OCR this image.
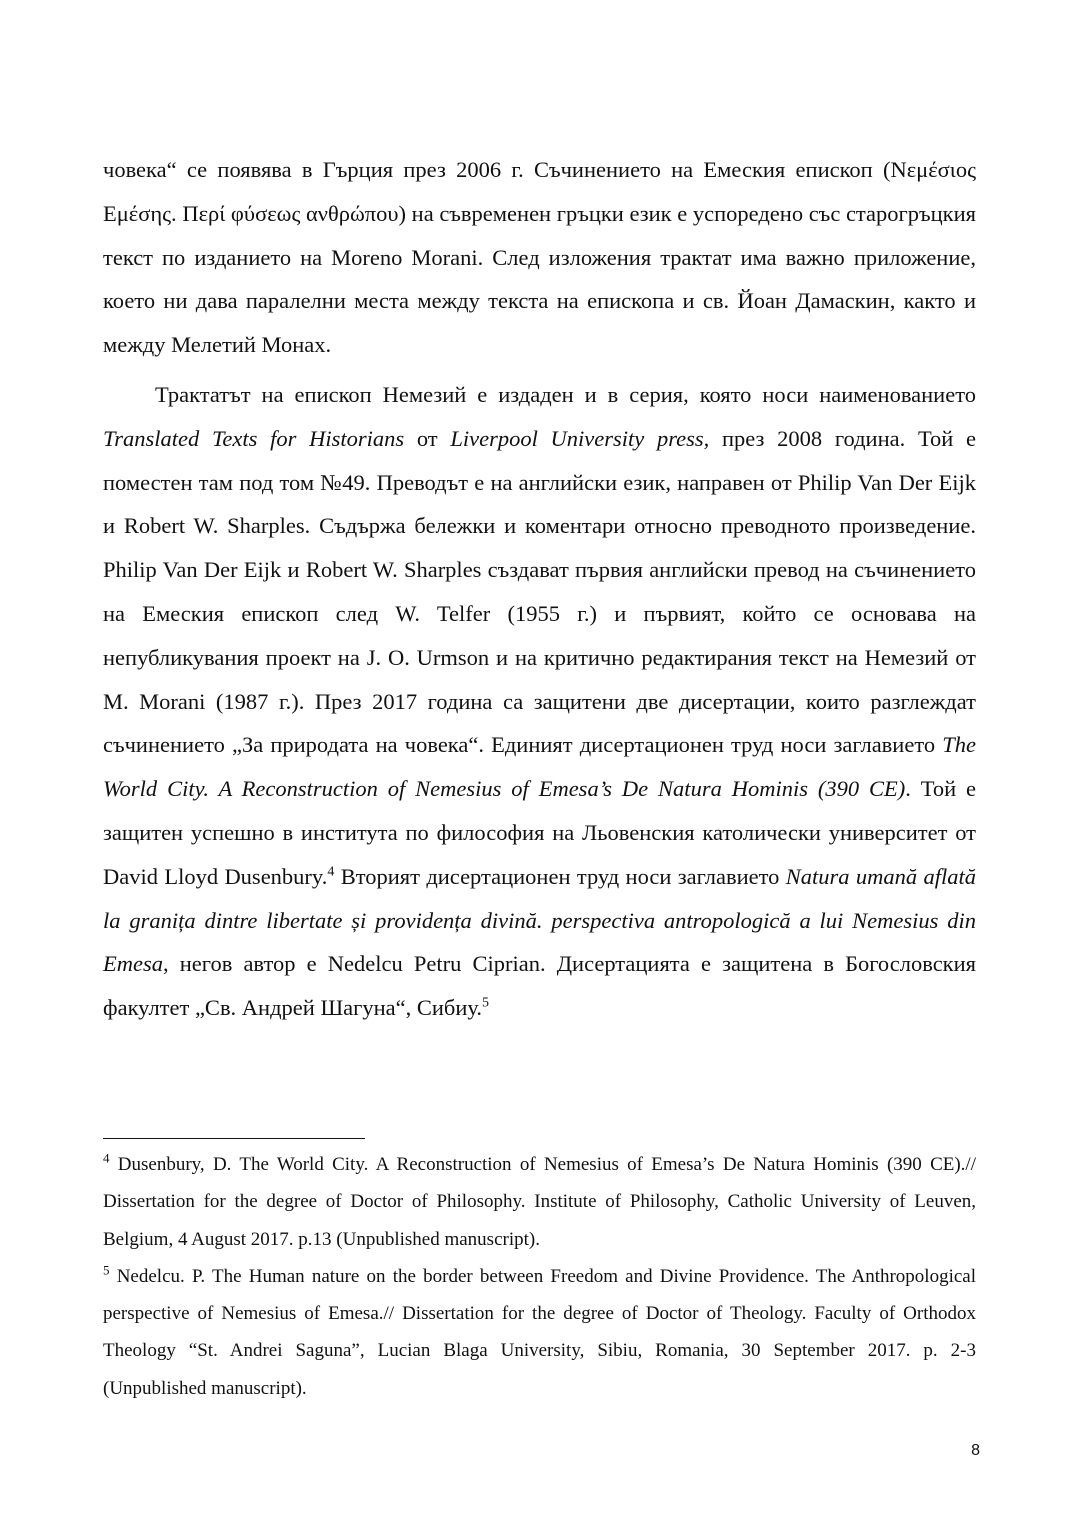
човека“ се появява в Гърция през 2006 г. Съчинението на Емеския епископ (Νεμέσιος Εμέσης. Περί φύσεως ανθρώπου) на съвременен гръцки език е успоредено със старогръцкия текст по изданието на Moreno Morani. След изложения трактат има важно приложение, което ни дава паралелни места между текста на епископа и св. Йоан Дамаскин, както и между Мелетий Монах.

Трактатът на епископ Немезий е издаден и в серия, която носи наименованието Translated Texts for Historians от Liverpool University press, през 2008 година. Той е поместен там под том №49. Преводът е на английски език, направен от Philip Van Der Eijk и Robert W. Sharples. Съдържа бележки и коментари относно преводното произведение. Philip Van Der Eijk и Robert W. Sharples създават първия английски превод на съчинението на Емеския епископ след W. Telfer (1955 г.) и първият, който се основава на непубликувания проект на J. O. Urmson и на критично редактирания текст на Немезий от M. Morani (1987 г.). През 2017 година са защитени две дисертации, които разглеждат съчинението „За природата на човека“. Единият дисертационен труд носи заглавието The World City. A Reconstruction of Nemesius of Emesa’s De Natura Hominis (390 CE). Той е защитен успешно в института по философия на Льовенския католически университет от David Lloyd Dusenbury.$^4$ Вторият дисертационен труд носи заглавието Natura umană aflată la granița dintre libertate și providența divină. perspectiva antropologică a lui Nemesius din Emesa, негов автор е Nedelcu Petru Ciprian. Дисертацията е защитена в Богословския факултет „Св. Андрей Шагуна“, Сибиу.$^5$

$^4$ Dusenbury, D. The World City. A Reconstruction of Nemesius of Emesa’s De Natura Hominis (390 CE).// Dissertation for the degree of Doctor of Philosophy. Institute of Philosophy, Catholic University of Leuven, Belgium, 4 August 2017. p.13 (Unpublished manuscript).

$^5$ Nedelcu. P. The Human nature on the border between Freedom and Divine Providence. The Anthropological perspective of Nemesius of Emesa.// Dissertation for the degree of Doctor of Theology. Faculty of Orthodox Theology “St. Andrei Saguna”, Lucian Blaga University, Sibiu, Romania, 30 September 2017. p. 2-3 (Unpublished manuscript).

8
